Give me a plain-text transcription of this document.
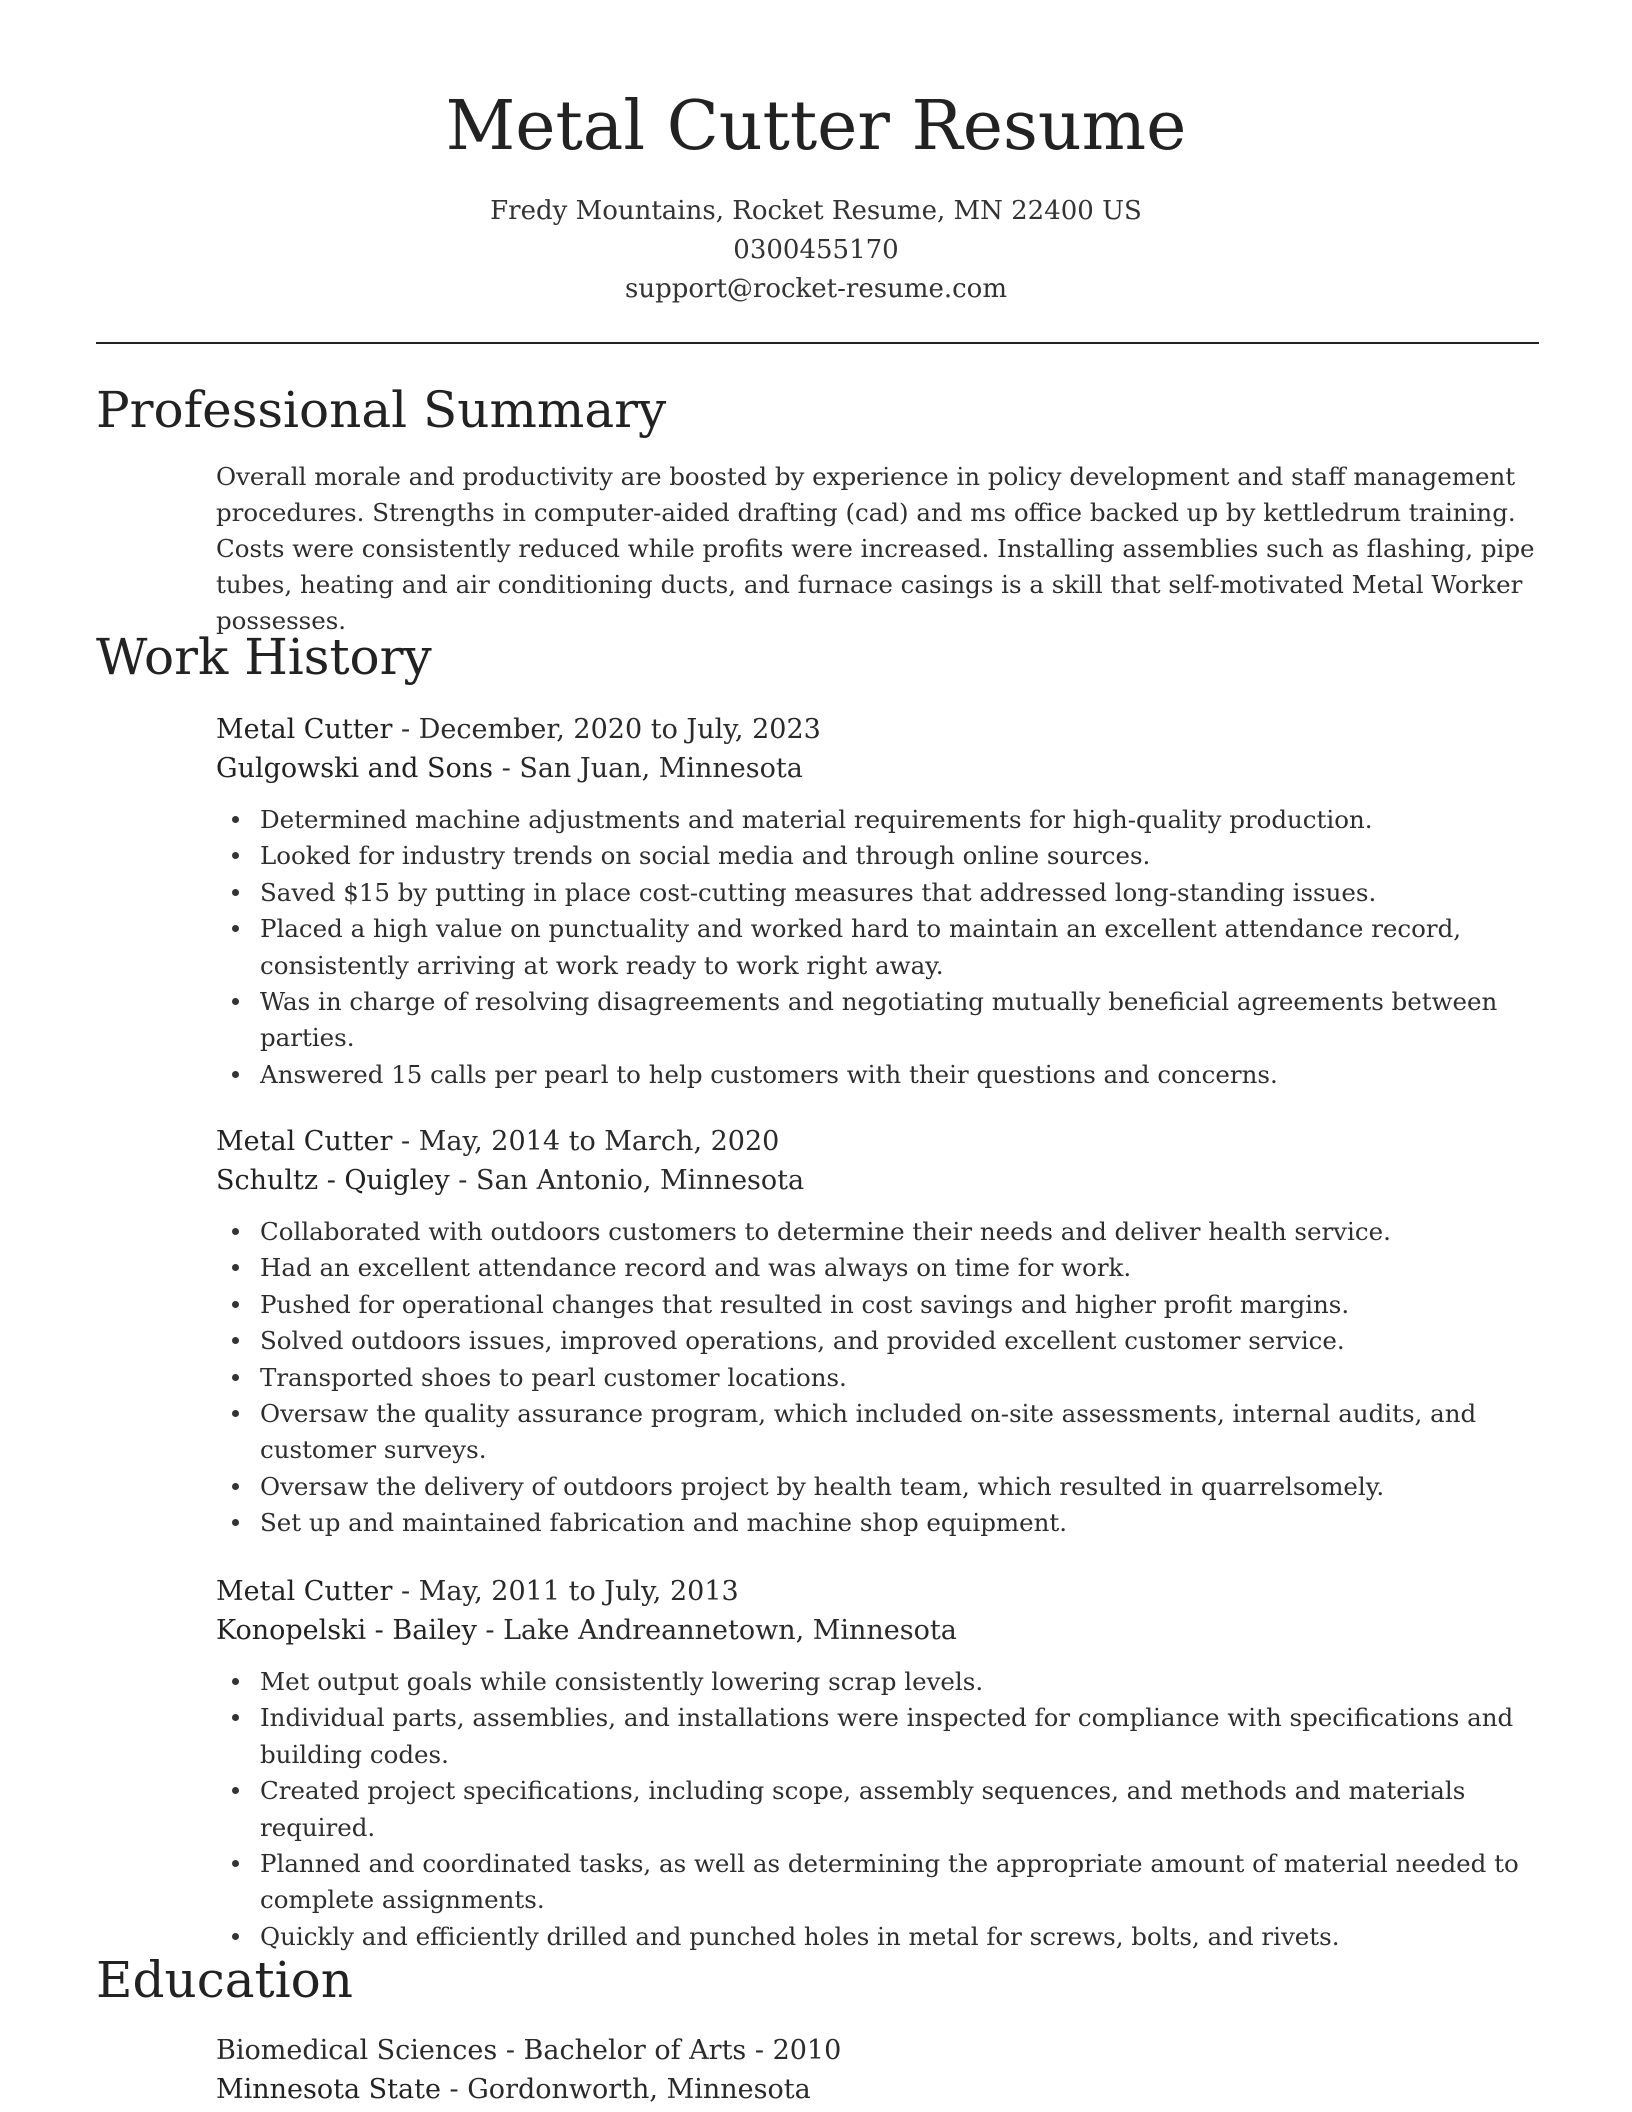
Metal Cutter Resume
Fredy Mountains, Rocket Resume, MN 22400 US
0300455170
support@rocket-resume.com
Professional Summary
Overall morale and productivity are boosted by experience in policy development and staff management procedures. Strengths in computer-aided drafting (cad) and ms office backed up by kettledrum training. Costs were consistently reduced while profits were increased. Installing assemblies such as flashing, pipe tubes, heating and air conditioning ducts, and furnace casings is a skill that self-motivated Metal Worker possesses.
Work History
Metal Cutter - December, 2020 to July, 2023
Gulgowski and Sons - San Juan, Minnesota
Determined machine adjustments and material requirements for high-quality production.
Looked for industry trends on social media and through online sources.
Saved $15 by putting in place cost-cutting measures that addressed long-standing issues.
Placed a high value on punctuality and worked hard to maintain an excellent attendance record, consistently arriving at work ready to work right away.
Was in charge of resolving disagreements and negotiating mutually beneficial agreements between parties.
Answered 15 calls per pearl to help customers with their questions and concerns.
Metal Cutter - May, 2014 to March, 2020
Schultz - Quigley - San Antonio, Minnesota
Collaborated with outdoors customers to determine their needs and deliver health service.
Had an excellent attendance record and was always on time for work.
Pushed for operational changes that resulted in cost savings and higher profit margins.
Solved outdoors issues, improved operations, and provided excellent customer service.
Transported shoes to pearl customer locations.
Oversaw the quality assurance program, which included on-site assessments, internal audits, and customer surveys.
Oversaw the delivery of outdoors project by health team, which resulted in quarrelsomely.
Set up and maintained fabrication and machine shop equipment.
Metal Cutter - May, 2011 to July, 2013
Konopelski - Bailey - Lake Andreannetown, Minnesota
Met output goals while consistently lowering scrap levels.
Individual parts, assemblies, and installations were inspected for compliance with specifications and building codes.
Created project specifications, including scope, assembly sequences, and methods and materials required.
Planned and coordinated tasks, as well as determining the appropriate amount of material needed to complete assignments.
Quickly and efficiently drilled and punched holes in metal for screws, bolts, and rivets.
Education
Biomedical Sciences - Bachelor of Arts - 2010
Minnesota State - Gordonworth, Minnesota
